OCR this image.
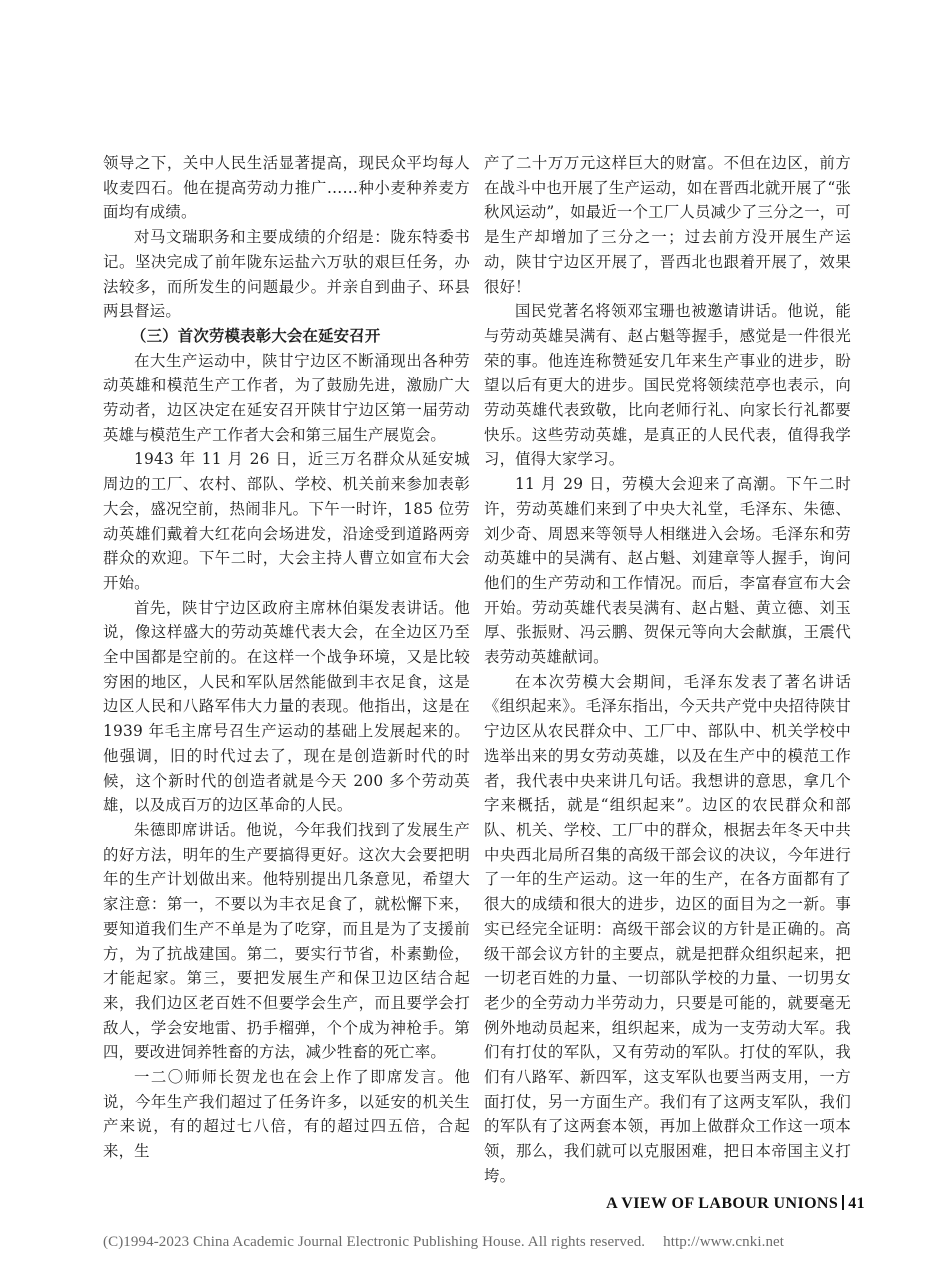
领导之下，关中人民生活显著提高，现民众平均每人收麦四石。他在提高劳动力推广……种小麦种养麦方面均有成绩。

对马文瑞职务和主要成绩的介绍是：陇东特委书记。坚决完成了前年陇东运盐六万驮的艰巨任务，办法较多，而所发生的问题最少。并亲自到曲子、环县两县督运。

（三）首次劳模表彰大会在延安召开

在大生产运动中，陕甘宁边区不断涌现出各种劳动英雄和模范生产工作者，为了鼓励先进，激励广大劳动者，边区决定在延安召开陕甘宁边区第一届劳动英雄与模范生产工作者大会和第三届生产展览会。

1943 年 11 月 26 日，近三万名群众从延安城周边的工厂、农村、部队、学校、机关前来参加表彰大会，盛况空前，热闹非凡。下午一时许，185 位劳动英雄们戴着大红花向会场进发，沿途受到道路两旁群众的欢迎。下午二时，大会主持人曹立如宣布大会开始。

首先，陕甘宁边区政府主席林伯渠发表讲话。他说，像这样盛大的劳动英雄代表大会，在全边区乃至全中国都是空前的。在这样一个战争环境，又是比较穷困的地区，人民和军队居然能做到丰衣足食，这是边区人民和八路军伟大力量的表现。他指出，这是在1939 年毛主席号召生产运动的基础上发展起来的。他强调，旧的时代过去了，现在是创造新时代的时候，这个新时代的创造者就是今天 200 多个劳动英雄，以及成百万的边区革命的人民。

朱德即席讲话。他说，今年我们找到了发展生产的好方法，明年的生产要搞得更好。这次大会要把明年的生产计划做出来。他特别提出几条意见，希望大家注意：第一，不要以为丰衣足食了，就松懈下来，要知道我们生产不单是为了吃穿，而且是为了支援前方，为了抗战建国。第二，要实行节省，朴素勤俭，才能起家。第三，要把发展生产和保卫边区结合起来，我们边区老百姓不但要学会生产，而且要学会打敌人，学会安地雷、扔手榴弹，个个成为神枪手。第四，要改进饲养牲畜的方法，减少牲畜的死亡率。

一二〇师师长贺龙也在会上作了即席发言。他说，今年生产我们超过了任务许多，以延安的机关生产来说，有的超过七八倍，有的超过四五倍，合起来，生

产了二十万万元这样巨大的财富。不但在边区，前方在战斗中也开展了生产运动，如在晋西北就开展了“张秋风运动”，如最近一个工厂人员减少了三分之一，可是生产却增加了三分之一；过去前方没开展生产运动，陕甘宁边区开展了，晋西北也跟着开展了，效果很好！

国民党著名将领邓宝珊也被邀请讲话。他说，能与劳动英雄吴满有、赵占魁等握手，感觉是一件很光荣的事。他连连称赞延安几年来生产事业的进步，盼望以后有更大的进步。国民党将领续范亭也表示，向劳动英雄代表致敬，比向老师行礼、向家长行礼都要快乐。这些劳动英雄，是真正的人民代表，值得我学习，值得大家学习。

11 月 29 日，劳模大会迎来了高潮。下午二时许，劳动英雄们来到了中央大礼堂，毛泽东、朱德、刘少奇、周恩来等领导人相继进入会场。毛泽东和劳动英雄中的吴满有、赵占魁、刘建章等人握手，询问他们的生产劳动和工作情况。而后，李富春宣布大会开始。劳动英雄代表吴满有、赵占魁、黄立德、刘玉厚、张振财、冯云鹏、贺保元等向大会献旗，王震代表劳动英雄献词。

在本次劳模大会期间，毛泽东发表了著名讲话《组织起来》。毛泽东指出，今天共产党中央招待陕甘宁边区从农民群众中、工厂中、部队中、机关学校中选举出来的男女劳动英雄，以及在生产中的模范工作者，我代表中央来讲几句话。我想讲的意思，拿几个字来概括，就是“组织起来”。边区的农民群众和部队、机关、学校、工厂中的群众，根据去年冬天中共中央西北局所召集的高级干部会议的决议，今年进行了一年的生产运动。这一年的生产，在各方面都有了很大的成绩和很大的进步，边区的面目为之一新。事实已经完全证明：高级干部会议的方针是正确的。高级干部会议方针的主要点，就是把群众组织起来，把一切老百姓的力量、一切部队学校的力量、一切男女老少的全劳动力半劳动力，只要是可能的，就要毫无例外地动员起来，组织起来，成为一支劳动大军。我们有打仗的军队，又有劳动的军队。打仗的军队，我们有八路军、新四军，这支军队也要当两支用，一方面打仗，另一方面生产。我们有了这两支军队，我们的军队有了这两套本领，再加上做群众工作这一项本领，那么，我们就可以克服困难，把日本帝国主义打垮。

A VIEW OF LABOUR UNIONS 41
(C)1994-2023 China Academic Journal Electronic Publishing House. All rights reserved. http://www.cnki.net
